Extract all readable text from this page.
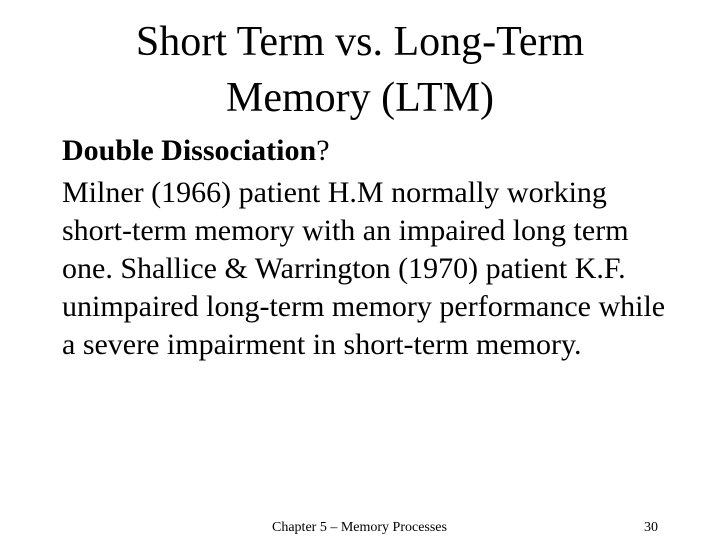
Short Term vs. Long-Term
Memory (LTM)
Double Dissociation?
Milner (1966) patient H.M normally working short-term memory with an impaired long term one. Shallice & Warrington (1970) patient K.F. unimpaired long-term memory performance while a severe impairment in short-term memory.
Chapter 5 – Memory Processes	30
